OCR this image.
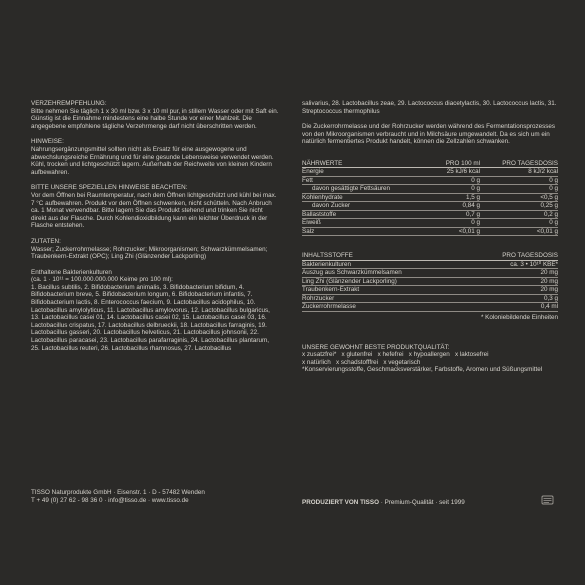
VERZEHREMPFEHLUNG:

Bitte nehmen Sie täglich 1 x 30 ml bzw. 3 x 10 ml pur, in stillem Wasser oder mit Saft ein. Günstig ist die Einnahme mindestens eine halbe Stunde vor einer Mahlzeit. Die angegebene empfohlene tägliche Verzehrmenge darf nicht überschritten werden.

HINWEISE:

Nahrungsergänzungsmittel sollten nicht als Ersatz für eine ausgewogene und abwechslungsreiche Ernährung und für eine gesunde Lebensweise verwendet werden. Kühl, trocken und lichtgeschützt lagern. Außerhalb der Reichweite von kleinen Kindern aufbewahren.

BITTE UNSERE SPEZIELLEN HINWEISE BEACHTEN:

Vor dem Öffnen bei Raumtemperatur, nach dem Öffnen lichtgeschützt und kühl bei max. 7 °C aufbewahren. Produkt vor dem Öffnen schwenken, nicht schütteln. Nach Anbruch ca. 1 Monat verwendbar. Bitte lagern Sie das Produkt stehend und trinken Sie nicht direkt aus der Flasche. Durch Kohlendioxidbildung kann ein leichter Überdruck in der Flasche entstehen.

ZUTATEN:

Wasser; Zuckerrohrmelasse; Rohrzucker; Mikroorganismen; Schwarzkümmelsamen; Traubenkern-Extrakt (OPC); Ling Zhi (Glänzender Lackporling)

Enthaltene Bakterienkulturen

(ca. 1 · 10¹¹ = 100.000.000.000 Keime pro 100 ml):

1. Bacillus subtilis, 2. Bifidobacterium animalis, 3. Bifidobacterium bifidum, 4. Bifidobacterium breve, 5. Bifidobacterium longum, 6. Bifidobacterium infantis, 7. Bifidobacterium lactis, 8. Enterococcus faecium, 9. Lactobacillus acidophilus, 10. Lactobacillus amylolyticus, 11. Lactobacillus amylovorus, 12. Lactobacillus bulgaricus, 13. Lactobacillus casei 01, 14. Lactobacillus casei 02, 15. Lactobacillus casei 03, 16. Lactobacillus crispatus, 17. Lactobacillus delbrueckii, 18. Lactobacillus farraginis, 19. Lactobacillus gasseri, 20. Lactobacillus helveticus, 21. Lactobacillus johnsonii, 22. Lactobacillus paracasei, 23. Lactobacillus parafarraginis, 24. Lactobacillus plantarum, 25. Lactobacillus reuteri, 26. Lactobacillus rhamnosus, 27. Lactobacillus

salivarius, 28. Lactobacillus zeae, 29. Lactococcus diacetylactis, 30. Lactococcus lactis, 31. Streptococcus thermophilus

Die Zuckerrohrmelasse und der Rohrzucker werden während des Fermentationsprozesses von den Mikroorganismen verbraucht und in Milchsäure umgewandelt. Da es sich um ein natürlich fermentiertes Produkt handelt, können die Zellzahlen schwanken.

NÄHRWERTE	PRO 100 ml	PRO TAGESDOSIS
Energie	25 kJ/6 kcal	8 kJ/2 kcal
Fett	0 g	0 g
davon gesättigte Fettsäuren	0 g	0 g
Kohlenhydrate	1,5 g	<0,5 g
davon Zucker	0,84 g	0,25 g
Ballaststoffe	0,7 g	0,2 g
Eiweiß	0 g	0 g
Salz	<0,01 g	<0,01 g
INHALTSSTOFFE	PRO TAGESDOSIS
Bakterienkulturen	ca. 3 • 10¹⁰ KBE*
Auszug aus Schwarzkümmelsamen	20 mg
Ling Zhi (Glänzender Lackporling)	20 mg
Traubenkern-Extrakt	20 mg
Rohrzucker	0,3 g
Zuckerrohrmelasse	0,4 ml

* Koloniebildende Einheiten

UNSERE GEWOHNT BESTE PRODUKTQUALITÄT:

x zusatzfrei*   x glutenfrei   x hefefrei   x hypoallergen   x laktosefrei

x natürlich   x schadstofffrei   x vegetarisch

*Konservierungsstoffe, Geschmacksverstärker, Farbstoffe, Aromen und Süßungsmittel

TISSO Naturprodukte GmbH · Eisenstr. 1 · D - 57482 Wenden

T + 49 (0) 27 62 - 98 36 0 · info@tisso.de · www.tisso.de	PRODUZIERT VON TISSO · Premium-Qualität · seit 1999
